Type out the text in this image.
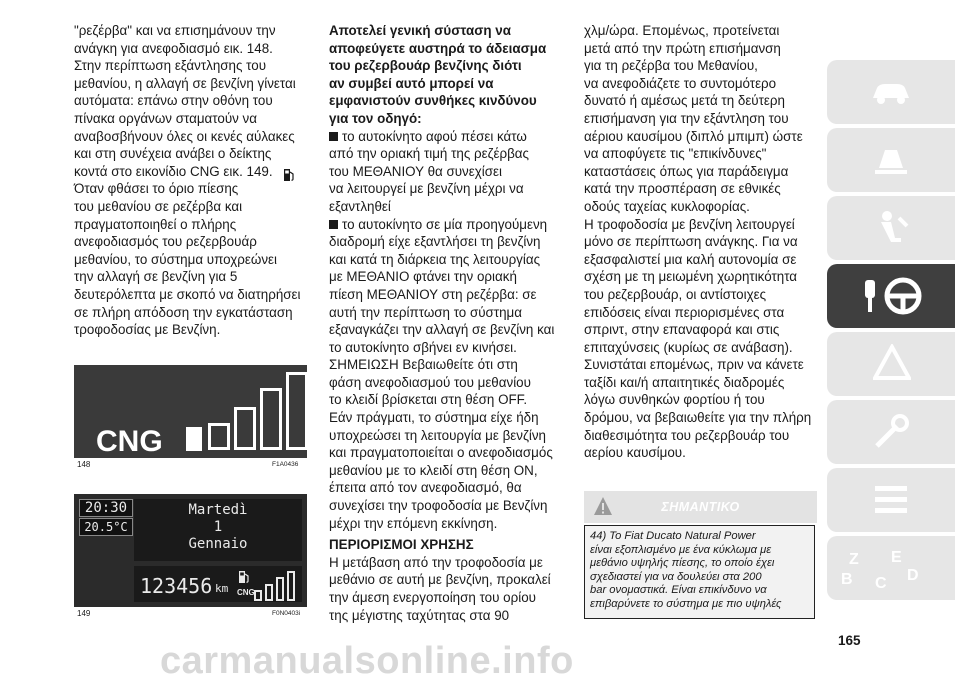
"ρεζέρβα" και να επισημάνουν την
ανάγκη για ανεφοδιασμό εικ. 148.
Στην περίπτωση εξάντλησης του
μεθανίου, η αλλαγή σε βενζίνη γίνεται
αυτόματα: επάνω στην οθόνη του
πίνακα οργάνων σταματούν να
αναβοσβήνουν όλες οι κενές αύλακες
και στη συνέχεια ανάβει ο δείκτης

κοντά στο εικονίδιο CNG εικ. 149.
Όταν φθάσει το όριο πίεσης
του μεθανίου σε ρεζέρβα και
πραγματοποιηθεί ο πλήρης
ανεφοδιασμός του ρεζερβουάρ
μεθανίου, το σύστημα υποχρεώνει
την αλλαγή σε βενζίνη για 5
δευτερόλεπτα με σκοπό να διατηρήσει
σε πλήρη απόδοση την εγκατάσταση
τροφοδοσίας με Βενζίνη.

CNG
148	F1A0436
20:30
20.5°C
Martedì
1
Gennaio
123456 km CNG
149	F0N0403i

Αποτελεί γενική σύσταση να
αποφεύγετε αυστηρά το άδειασμα
του ρεζερβουάρ βενζίνης διότι
αν συμβεί αυτό μπορεί να
εμφανιστούν συνθήκες κινδύνου
για τον οδηγό:

το αυτοκίνητο αφού πέσει κάτω
από την οριακή τιμή της ρεζέρβας
του ΜΕΘΑΝΙΟΥ θα συνεχίσει
να λειτουργεί με βενζίνη μέχρι να
εξαντληθεί

το αυτοκίνητο σε μία προηγούμενη
διαδρομή είχε εξαντλήσει τη βενζίνη
και κατά τη διάρκεια της λειτουργίας
με ΜΕΘΑΝΙΟ φτάνει την οριακή
πίεση ΜΕΘΑΝΙΟΥ στη ρεζέρβα: σε
αυτή την περίπτωση το σύστημα
εξαναγκάζει την αλλαγή σε βενζίνη και
το αυτοκίνητο σβήνει εν κινήσει.

ΣΗΜΕΙΩΣΗ Βεβαιωθείτε ότι στη
φάση ανεφοδιασμού του μεθανίου
το κλειδί βρίσκεται στη θέση OFF.
Εάν πράγματι, το σύστημα είχε ήδη
υποχρεώσει τη λειτουργία με βενζίνη
και πραγματοποιείται ο ανεφοδιασμός
μεθανίου με το κλειδί στη θέση ON,
έπειτα από τον ανεφοδιασμό, θα
συνεχίσει την τροφοδοσία με Βενζίνη
μέχρι την επόμενη εκκίνηση.

ΠΕΡΙΟΡΙΣΜΟΙ ΧΡΗΣΗΣ

Η μετάβαση από την τροφοδοσία με
μεθάνιο σε αυτή με βενζίνη, προκαλεί
την άμεση ενεργοποίηση του ορίου
της μέγιστης ταχύτητας στα 90

χλμ/ώρα. Επομένως, προτείνεται
μετά από την πρώτη επισήμανση
για τη ρεζέρβα του Μεθανίου,
να ανεφοδιάζετε το συντομότερο
δυνατό ή αμέσως μετά τη δεύτερη
επισήμανση για την εξάντληση του
αέριου καυσίμου (διπλό μπιμπ) ώστε
να αποφύγετε τις "επικίνδυνες"
καταστάσεις όπως για παράδειγμα
κατά την προσπέραση σε εθνικές
οδούς ταχείας κυκλοφορίας.

Η τροφοδοσία με βενζίνη λειτουργεί
μόνο σε περίπτωση ανάγκης. Για να
εξασφαλιστεί μια καλή αυτονομία σε
σχέση με τη μειωμένη χωρητικότητα
του ρεζερβουάρ, οι αντίστοιχες
επιδόσεις είναι περιορισμένες στα
σπριντ, στην επαναφορά και στις
επιταχύνσεις (κυρίως σε ανάβαση).
Συνιστάται επομένως, πριν να κάνετε
ταξίδι και/ή απαιτητικές διαδρομές
λόγω συνθηκών φορτίου ή του
δρόμου, να βεβαιωθείτε για την πλήρη
διαθεσιμότητα του ρεζερβουάρ του
αερίου καυσίμου.

ΣΗΜΑΝΤΙΚΟ
44) To Fiat Ducato Natural Power
είναι εξοπλισμένο με ένα κύκλωμα με
μεθάνιο υψηλής πίεσης, το οποίο έχει
σχεδιαστεί για να δουλεύει στα 200
bar ονομαστικά. Είναι επικίνδυνο να
επιβαρύνετε το σύστημα με πιο υψηλές
Z E
B C D
165
carmanualsonline.info
